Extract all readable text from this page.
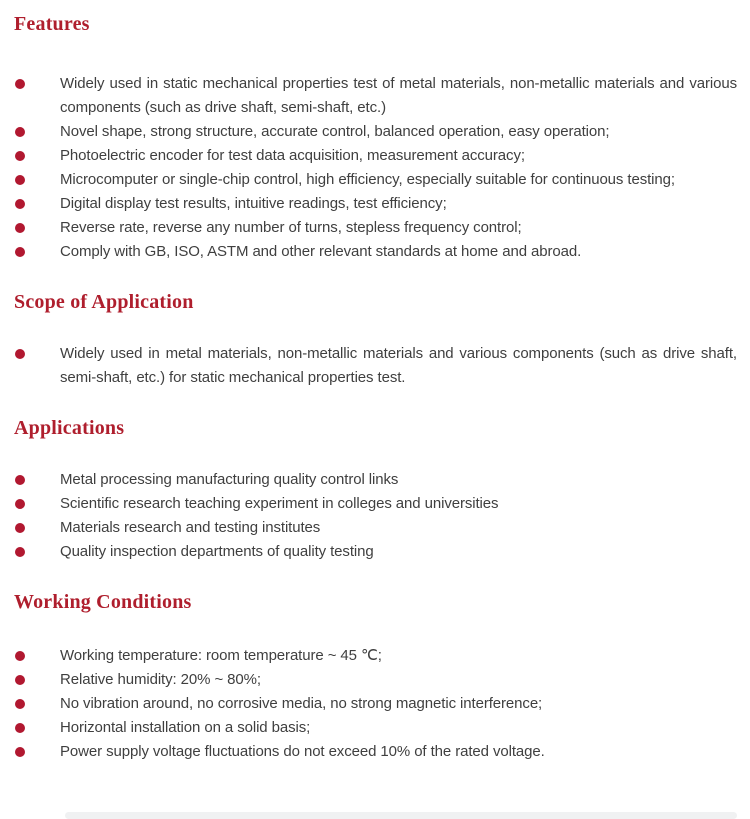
Features
Widely used in static mechanical properties test of metal materials, non-metallic materials and various components (such as drive shaft, semi-shaft, etc.)
Novel shape, strong structure, accurate control, balanced operation, easy operation;
Photoelectric encoder for test data acquisition, measurement accuracy;
Microcomputer or single-chip control, high efficiency, especially suitable for continuous testing;
Digital display test results, intuitive readings, test efficiency;
Reverse rate, reverse any number of turns, stepless frequency control;
Comply with GB, ISO, ASTM and other relevant standards at home and abroad.
Scope of Application
Widely used in metal materials, non-metallic materials and various components (such as drive shaft, semi-shaft, etc.) for static mechanical properties test.
Applications
Metal processing manufacturing quality control links
Scientific research teaching experiment in colleges and universities
Materials research and testing institutes
Quality inspection departments of quality testing
Working Conditions
Working temperature: room temperature ~ 45 ℃;
Relative humidity: 20% ~ 80%;
No vibration around, no corrosive media, no strong magnetic interference;
Horizontal installation on a solid basis;
Power supply voltage fluctuations do not exceed 10% of the rated voltage.
